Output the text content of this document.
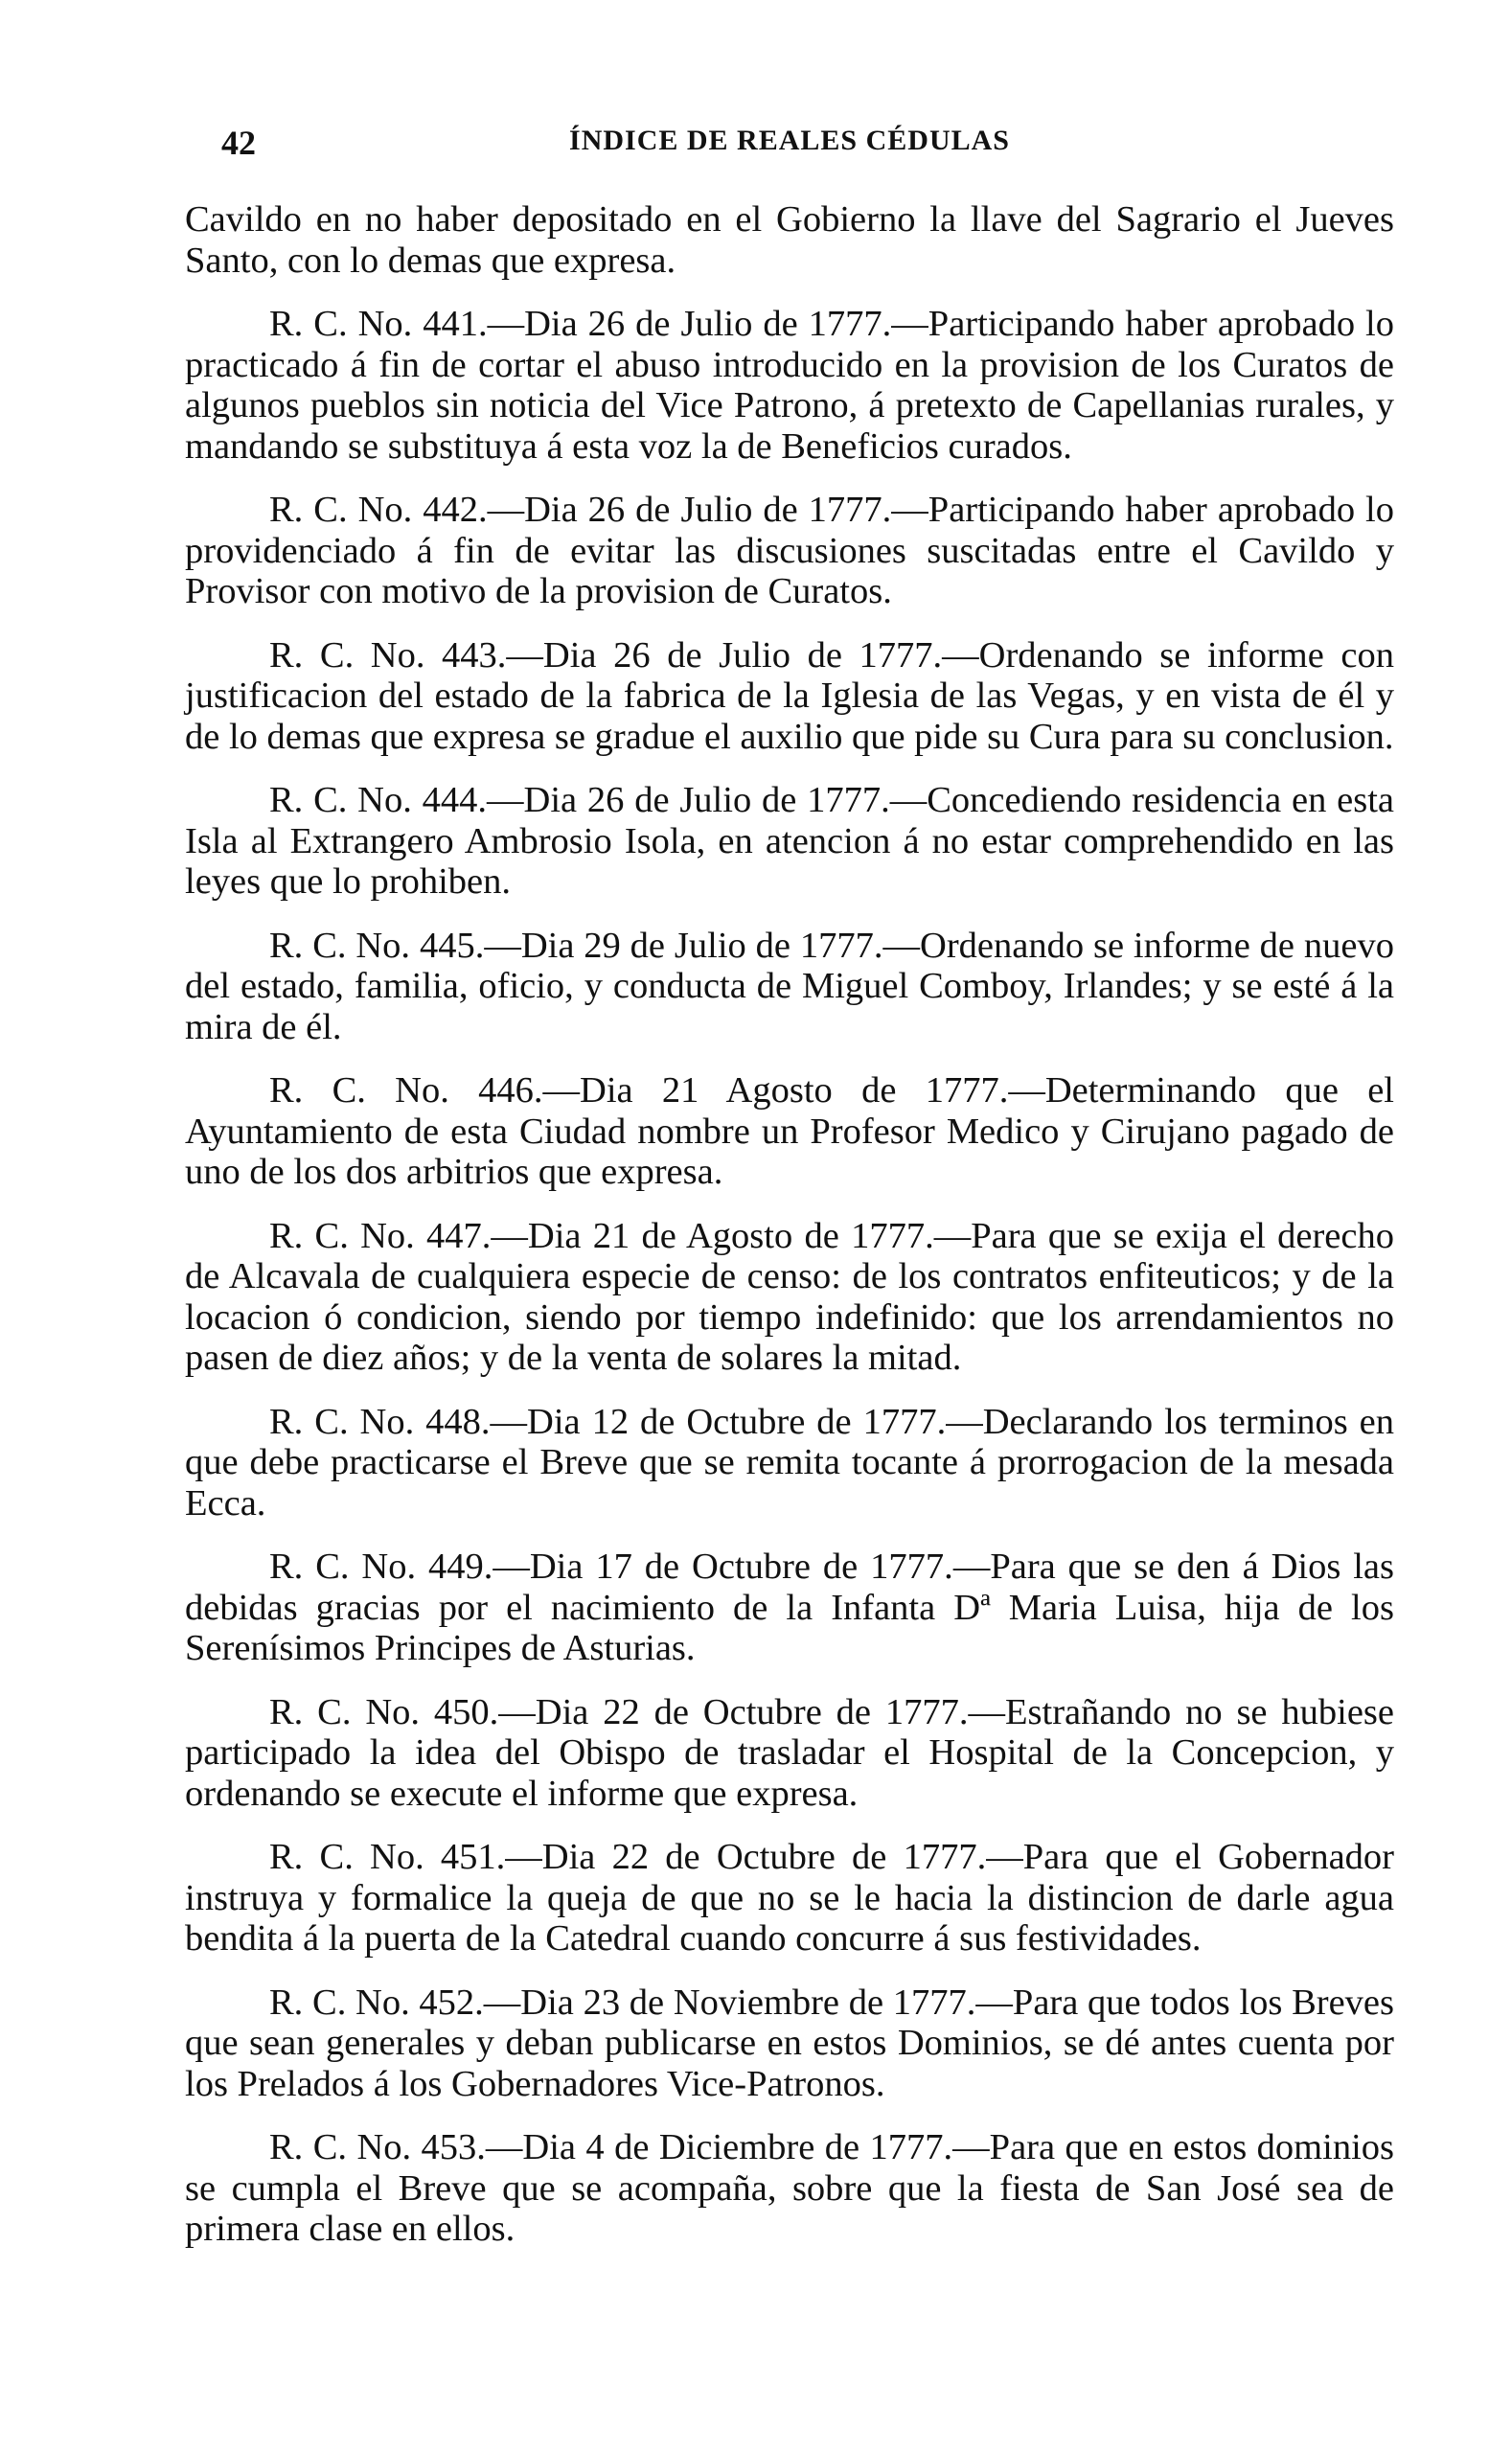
42	ÍNDICE DE REALES CÉDULAS

Cavildo en no haber depositado en el Gobierno la llave del Sagrario el Jueves Santo, con lo demas que expresa.

R. C. No. 441.—Dia 26 de Julio de 1777.—Participando haber aprobado lo practicado á fin de cortar el abuso introducido en la provision de los Curatos de algunos pueblos sin noticia del Vice Patrono, á pretexto de Capellanias rurales, y mandando se substituya á esta voz la de Beneficios curados.

R. C. No. 442.—Dia 26 de Julio de 1777.—Participando haber aprobado lo providenciado á fin de evitar las discusiones suscitadas entre el Cavildo y Provisor con motivo de la provision de Curatos.

R. C. No. 443.—Dia 26 de Julio de 1777.—Ordenando se informe con justificacion del estado de la fabrica de la Iglesia de las Vegas, y en vista de él y de lo demas que expresa se gradue el auxilio que pide su Cura para su conclusion.

R. C. No. 444.—Dia 26 de Julio de 1777.—Concediendo residencia en esta Isla al Extrangero Ambrosio Isola, en atencion á no estar comprehendido en las leyes que lo prohiben.

R. C. No. 445.—Dia 29 de Julio de 1777.—Ordenando se informe de nuevo del estado, familia, oficio, y conducta de Miguel Comboy, Irlandes; y se esté á la mira de él.

R. C. No. 446.—Dia 21 Agosto de 1777.—Determinando que el Ayuntamiento de esta Ciudad nombre un Profesor Medico y Cirujano pagado de uno de los dos arbitrios que expresa.

R. C. No. 447.—Dia 21 de Agosto de 1777.—Para que se exija el derecho de Alcavala de cualquiera especie de censo: de los contratos enfiteuticos; y de la locacion ó condicion, siendo por tiempo indefinido: que los arrendamientos no pasen de diez años; y de la venta de solares la mitad.

R. C. No. 448.—Dia 12 de Octubre de 1777.—Declarando los terminos en que debe practicarse el Breve que se remita tocante á prorrogacion de la mesada Ecca.

R. C. No. 449.—Dia 17 de Octubre de 1777.—Para que se den á Dios las debidas gracias por el nacimiento de la Infanta Dª Maria Luisa, hija de los Serenísimos Principes de Asturias.

R. C. No. 450.—Dia 22 de Octubre de 1777.—Estrañando no se hubiese participado la idea del Obispo de trasladar el Hospital de la Concepcion, y ordenando se execute el informe que expresa.

R. C. No. 451.—Dia 22 de Octubre de 1777.—Para que el Gobernador instruya y formalice la queja de que no se le hacia la distincion de darle agua bendita á la puerta de la Catedral cuando concurre á sus festividades.

R. C. No. 452.—Dia 23 de Noviembre de 1777.—Para que todos los Breves que sean generales y deban publicarse en estos Dominios, se dé antes cuenta por los Prelados á los Gobernadores Vice-Patronos.

R. C. No. 453.—Dia 4 de Diciembre de 1777.—Para que en estos dominios se cumpla el Breve que se acompaña, sobre que la fiesta de San José sea de primera clase en ellos.
